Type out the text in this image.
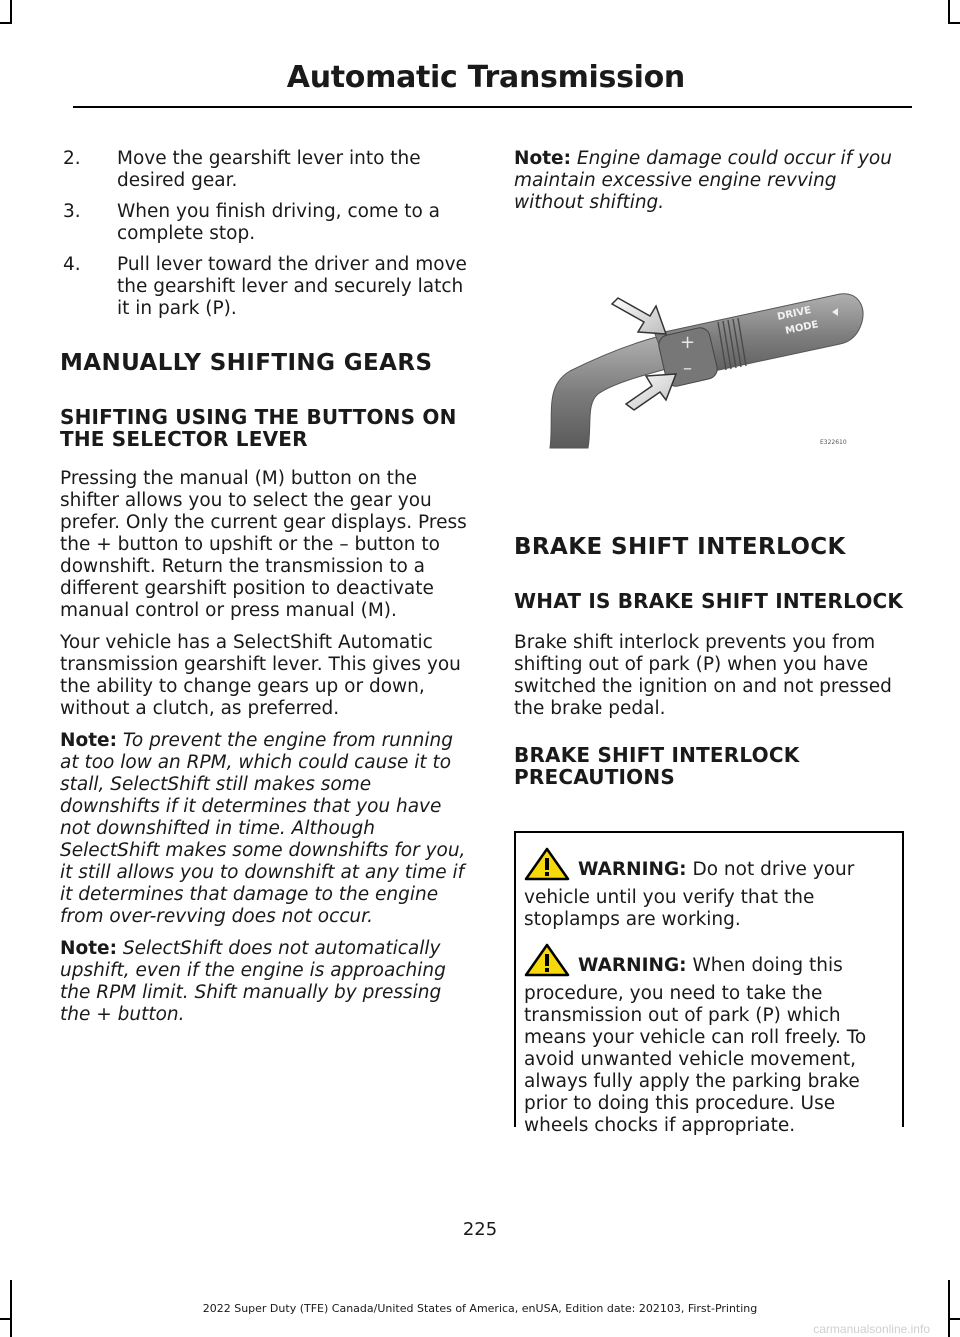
Automatic Transmission
2. Move the gearshift lever into the desired gear.
3. When you finish driving, come to a complete stop.
4. Pull lever toward the driver and move the gearshift lever and securely latch it in park (P).
MANUALLY SHIFTING GEARS
SHIFTING USING THE BUTTONS ON THE SELECTOR LEVER

Pressing the manual (M) button on the shifter allows you to select the gear you prefer. Only the current gear displays. Press the + button to upshift or the – button to downshift. Return the transmission to a different gearshift position to deactivate manual control or press manual (M).

Your vehicle has a SelectShift Automatic transmission gearshift lever. This gives you the ability to change gears up or down, without a clutch, as preferred.

Note: To prevent the engine from running at too low an RPM, which could cause it to stall, SelectShift still makes some downshifts if it determines that you have not downshifted in time. Although SelectShift makes some downshifts for you, it still allows you to downshift at any time if it determines that damage to the engine from over-revving does not occur.

Note: SelectShift does not automatically upshift, even if the engine is approaching the RPM limit. Shift manually by pressing the + button.

Note: Engine damage could occur if you maintain excessive engine revving without shifting.

+
–
DRIVE
MODE
E322610
BRAKE SHIFT INTERLOCK
WHAT IS BRAKE SHIFT INTERLOCK

Brake shift interlock prevents you from shifting out of park (P) when you have switched the ignition on and not pressed the brake pedal.

BRAKE SHIFT INTERLOCK PRECAUTIONS
WARNING: Do not drive your vehicle until you verify that the stoplamps are working.
WARNING: When doing this procedure, you need to take the transmission out of park (P) which means your vehicle can roll freely. To avoid unwanted vehicle movement, always fully apply the parking brake prior to doing this procedure. Use wheels chocks if appropriate.
225
2022 Super Duty (TFE) Canada/United States of America, enUSA, Edition date: 202103, First-Printing
carmanualsonline.info
